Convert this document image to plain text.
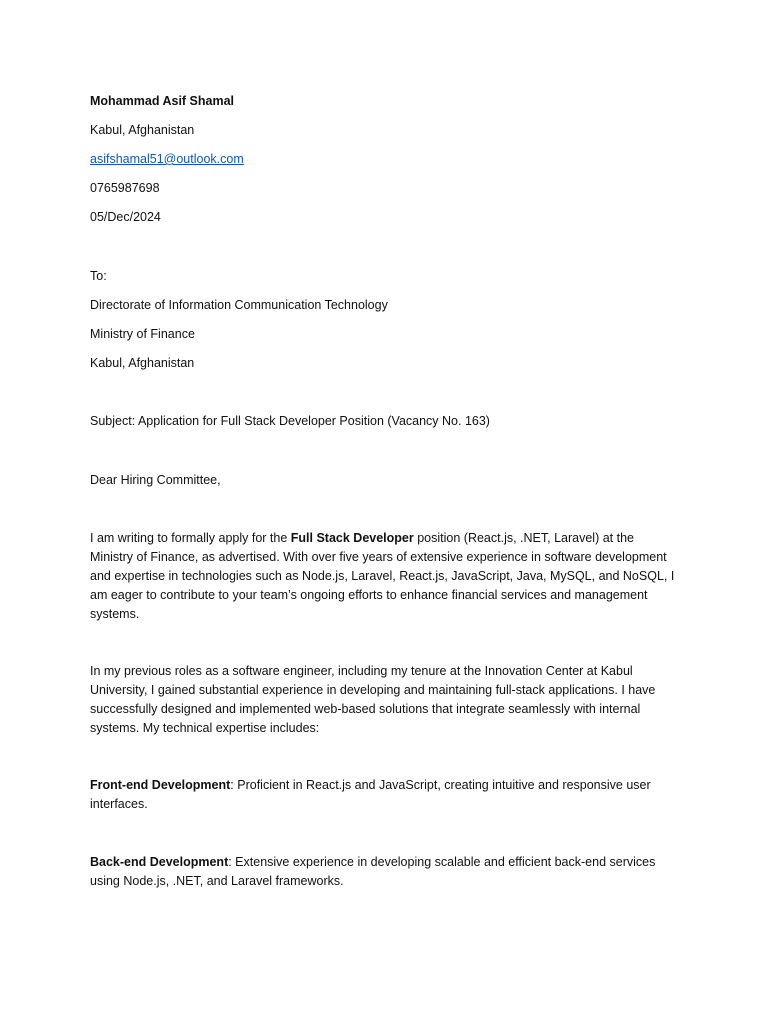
Mohammad Asif Shamal
Kabul, Afghanistan
asifshamal51@outlook.com
0765987698
05/Dec/2024
To:
Directorate of Information Communication Technology
Ministry of Finance
Kabul, Afghanistan
Subject: Application for Full Stack Developer Position (Vacancy No. 163)
Dear Hiring Committee,
I am writing to formally apply for the Full Stack Developer position (React.js, .NET, Laravel) at the
Ministry of Finance, as advertised. With over five years of extensive experience in software development
and expertise in technologies such as Node.js, Laravel, React.js, JavaScript, Java, MySQL, and NoSQL, I
am eager to contribute to your team’s ongoing efforts to enhance financial services and management
systems.
In my previous roles as a software engineer, including my tenure at the Innovation Center at Kabul
University, I gained substantial experience in developing and maintaining full-stack applications. I have
successfully designed and implemented web-based solutions that integrate seamlessly with internal
systems. My technical expertise includes:
Front-end Development: Proficient in React.js and JavaScript, creating intuitive and responsive user
interfaces.
Back-end Development: Extensive experience in developing scalable and efficient back-end services
using Node.js, .NET, and Laravel frameworks.
